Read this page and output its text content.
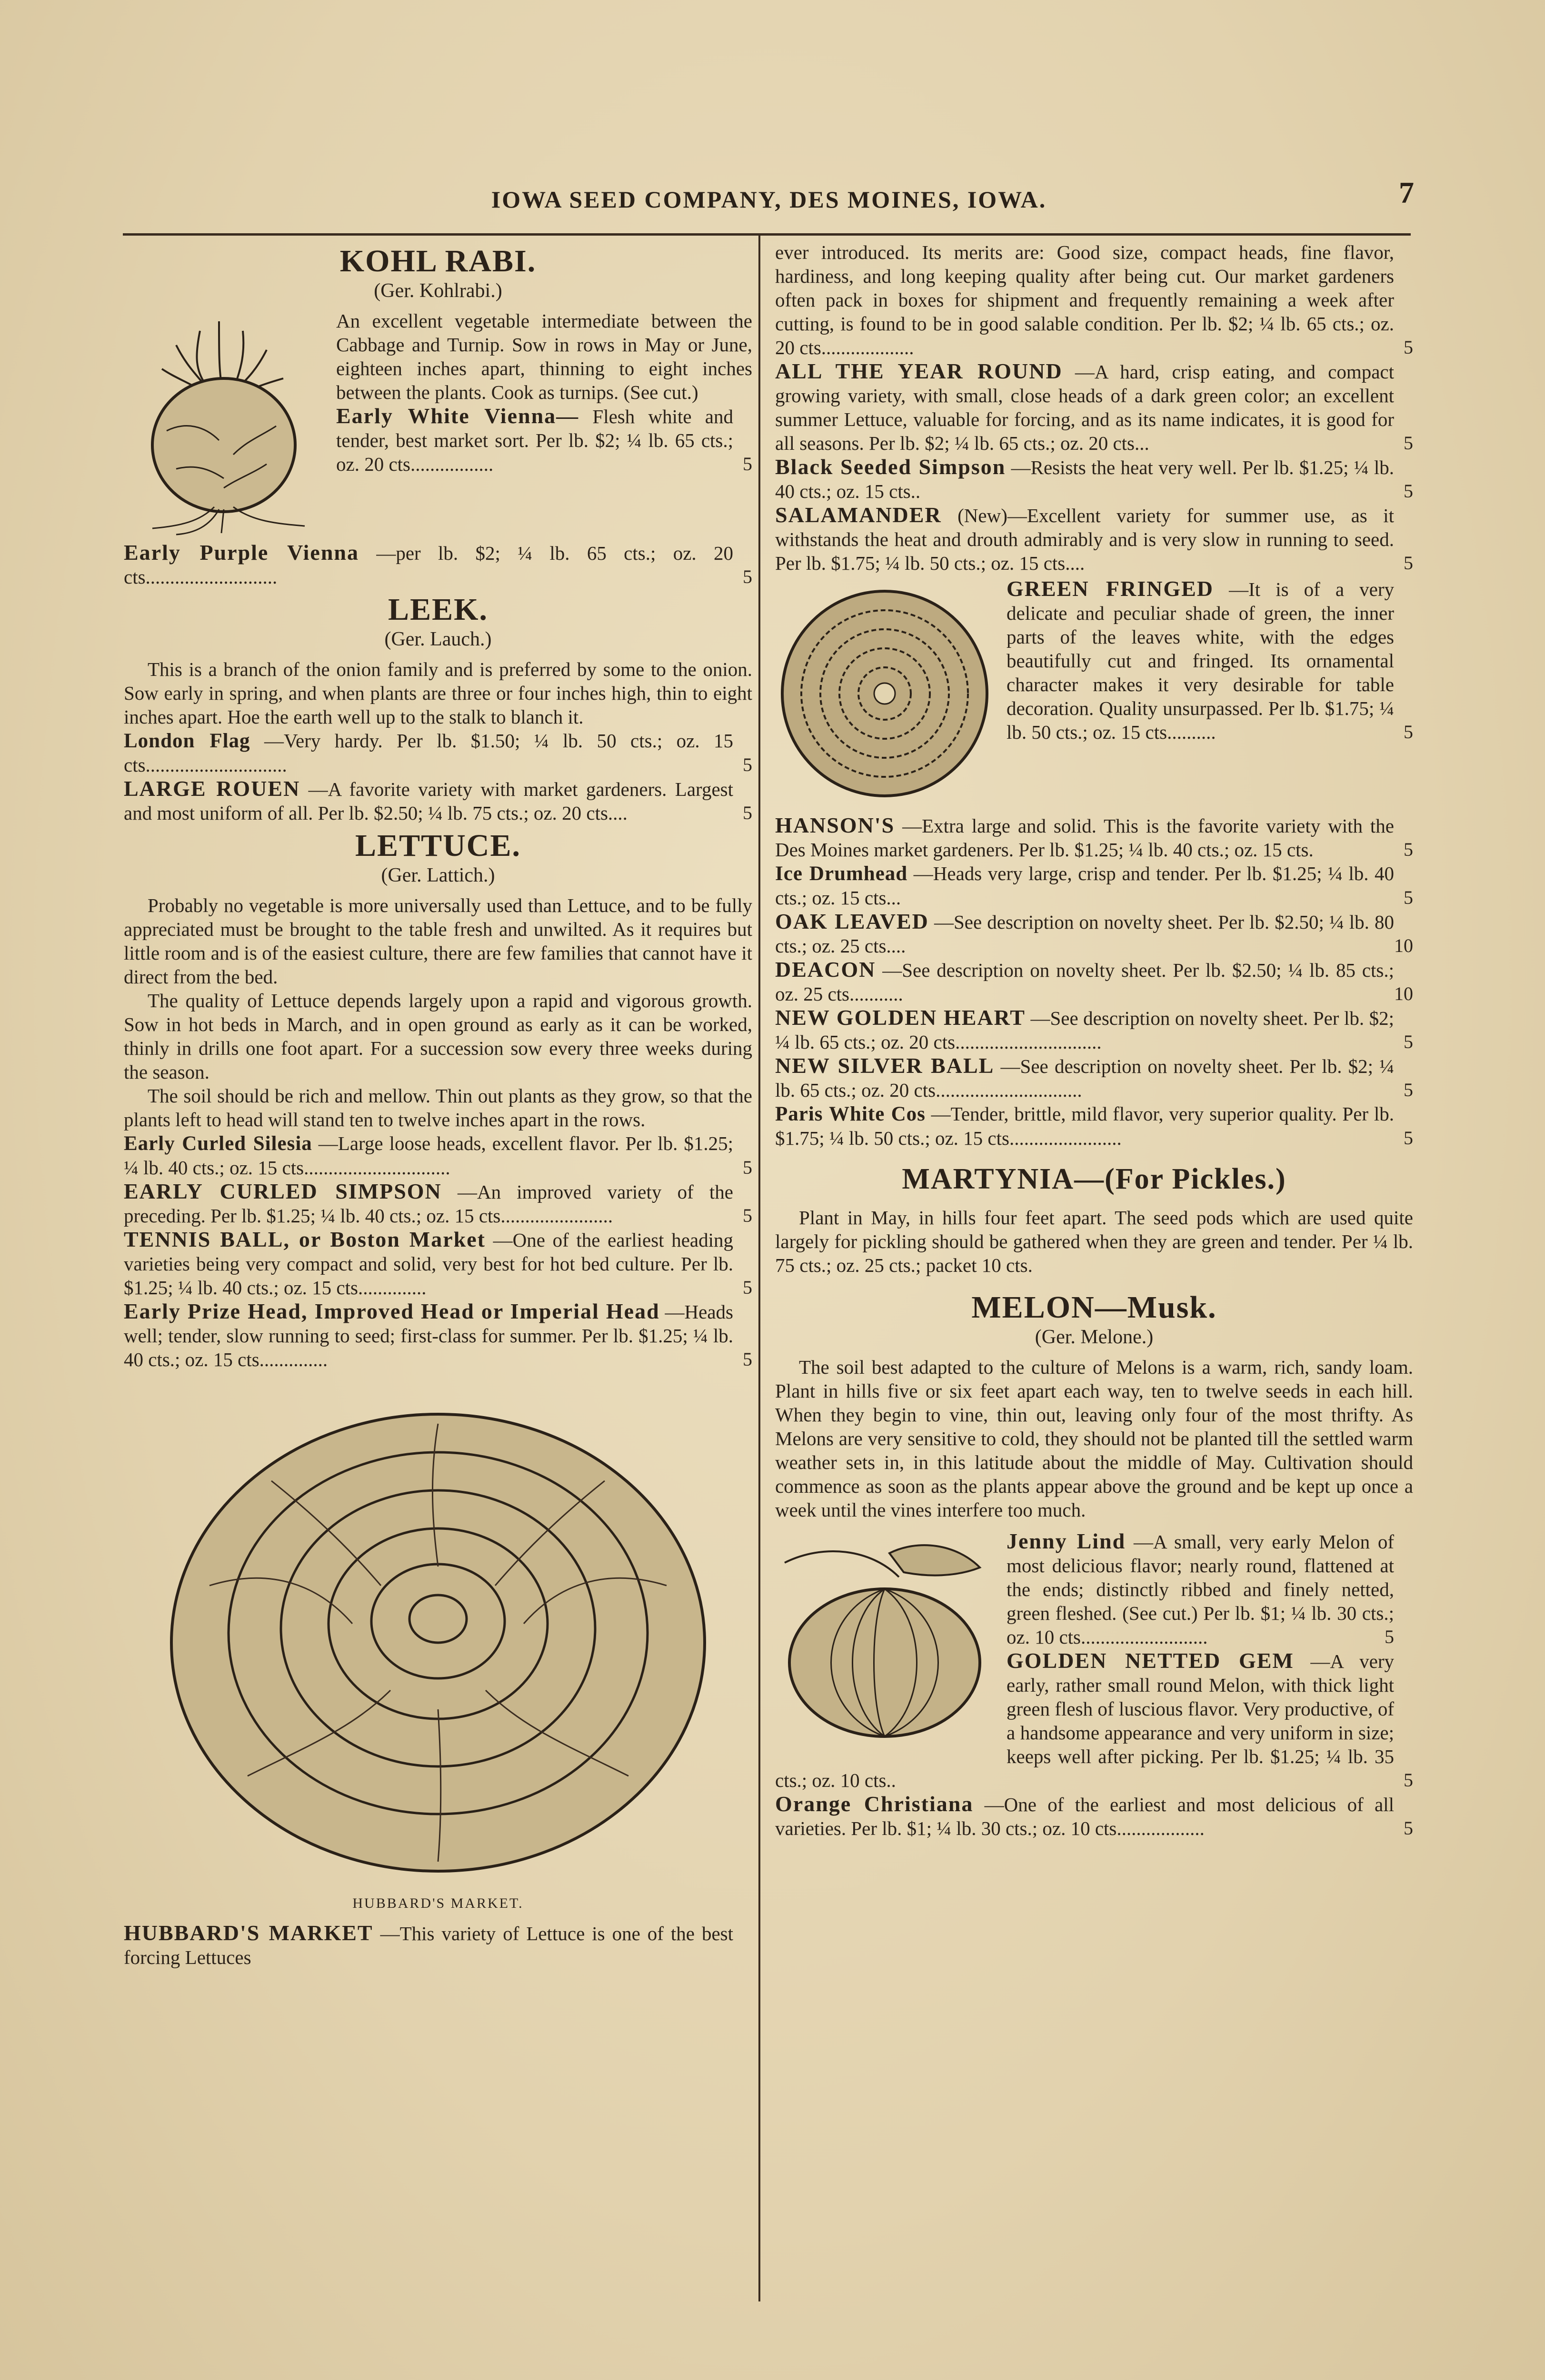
IOWA SEED COMPANY, DES MOINES, IOWA.	7
KOHL RABI.
(Ger. Kohlrabi.)

An excellent vegetable intermediate between the Cabbage and Turnip. Sow in rows in May or June, eighteen inches apart, thinning to eight inches between the plants. Cook as turnips. (See cut.)

Early White Vienna— Flesh white and tender, best market sort. Per lb. $2; ¼ lb. 65 cts.; oz. 20 cts.................	5
Early Purple Vienna —per lb. $2; ¼ lb. 65 cts.; oz. 20 cts...........................	5
LEEK.
(Ger. Lauch.)

This is a branch of the onion family and is preferred by some to the onion. Sow early in spring, and when plants are three or four inches high, thin to eight inches apart. Hoe the earth well up to the stalk to blanch it.

London Flag —Very hardy. Per lb. $1.50; ¼ lb. 50 cts.; oz. 15 cts.............................	5
LARGE ROUEN —A favorite variety with market gardeners. Largest and most uniform of all. Per lb. $2.50; ¼ lb. 75 cts.; oz. 20 cts....	5
LETTUCE.
(Ger. Lattich.)

Probably no vegetable is more universally used than Lettuce, and to be fully appreciated must be brought to the table fresh and unwilted. As it requires but little room and is of the easiest culture, there are few families that cannot have it direct from the bed.

The quality of Lettuce depends largely upon a rapid and vigorous growth. Sow in hot beds in March, and in open ground as early as it can be worked, thinly in drills one foot apart. For a succession sow every three weeks during the season.

The soil should be rich and mellow. Thin out plants as they grow, so that the plants left to head will stand ten to twelve inches apart in the rows.

Early Curled Silesia —Large loose heads, excellent flavor. Per lb. $1.25; ¼ lb. 40 cts.; oz. 15 cts..............................	5
EARLY CURLED SIMPSON —An improved variety of the preceding. Per lb. $1.25; ¼ lb. 40 cts.; oz. 15 cts.......................	5
TENNIS BALL, or Boston Market —One of the earliest heading varieties being very compact and solid, very best for hot bed culture. Per lb. $1.25; ¼ lb. 40 cts.; oz. 15 cts..............	5
Early Prize Head, Improved Head or Imperial Head —Heads well; tender, slow running to seed; first-class for summer. Per lb. $1.25; ¼ lb. 40 cts.; oz. 15 cts..............	5
HUBBARD'S MARKET.
HUBBARD'S MARKET —This variety of Lettuce is one of the best forcing Lettuces
ever introduced. Its merits are: Good size, compact heads, fine flavor, hardiness, and long keeping quality after being cut. Our market gardeners often pack in boxes for shipment and frequently remaining a week after cutting, is found to be in good salable condition. Per lb. $2; ¼ lb. 65 cts.; oz. 20 cts...................	5
ALL THE YEAR ROUND —A hard, crisp eating, and compact growing variety, with small, close heads of a dark green color; an excellent summer Lettuce, valuable for forcing, and as its name indicates, it is good for all seasons. Per lb. $2; ¼ lb. 65 cts.; oz. 20 cts...	5
Black Seeded Simpson —Resists the heat very well. Per lb. $1.25; ¼ lb. 40 cts.; oz. 15 cts..	5
SALAMANDER (New)—Excellent variety for summer use, as it withstands the heat and drouth admirably and is very slow in running to seed. Per lb. $1.75; ¼ lb. 50 cts.; oz. 15 cts....	5
GREEN FRINGED —It is of a very delicate and peculiar shade of green, the inner parts of the leaves white, with the edges beautifully cut and fringed. Its ornamental character makes it very desirable for table decoration. Quality unsurpassed. Per lb. $1.75; ¼ lb. 50 cts.; oz. 15 cts..........	5
HANSON'S —Extra large and solid. This is the favorite variety with the Des Moines market gardeners. Per lb. $1.25; ¼ lb. 40 cts.; oz. 15 cts.	5
Ice Drumhead —Heads very large, crisp and tender. Per lb. $1.25; ¼ lb. 40 cts.; oz. 15 cts...	5
OAK LEAVED —See description on novelty sheet. Per lb. $2.50; ¼ lb. 80 cts.; oz. 25 cts....	10
DEACON —See description on novelty sheet. Per lb. $2.50; ¼ lb. 85 cts.; oz. 25 cts...........	10
NEW GOLDEN HEART —See description on novelty sheet. Per lb. $2; ¼ lb. 65 cts.; oz. 20 cts..............................	5
NEW SILVER BALL —See description on novelty sheet. Per lb. $2; ¼ lb. 65 cts.; oz. 20 cts..............................	5
Paris White Cos —Tender, brittle, mild flavor, very superior quality. Per lb. $1.75; ¼ lb. 50 cts.; oz. 15 cts.......................	5
MARTYNIA—(For Pickles.)

Plant in May, in hills four feet apart. The seed pods which are used quite largely for pickling should be gathered when they are green and tender. Per ¼ lb. 75 cts.; oz. 25 cts.; packet 10 cts.

MELON—Musk.
(Ger. Melone.)

The soil best adapted to the culture of Melons is a warm, rich, sandy loam. Plant in hills five or six feet apart each way, ten to twelve seeds in each hill. When they begin to vine, thin out, leaving only four of the most thrifty. As Melons are very sensitive to cold, they should not be planted till the settled warm weather sets in, in this latitude about the middle of May. Cultivation should commence as soon as the plants appear above the ground and be kept up once a week until the vines interfere too much.

Jenny Lind —A small, very early Melon of most delicious flavor; nearly round, flattened at the ends; distinctly ribbed and finely netted, green fleshed. (See cut.) Per lb. $1; ¼ lb. 30 cts.; oz. 10 cts..........................	5
GOLDEN NETTED GEM —A very early, rather small round Melon, with thick light green flesh of luscious flavor. Very productive, of a handsome appearance and very uniform in size; keeps well after picking. Per lb. $1.25; ¼ lb. 35 cts.; oz. 10 cts..	5
Orange Christiana —One of the earliest and most delicious of all varieties. Per lb. $1; ¼ lb. 30 cts.; oz. 10 cts..................	5
